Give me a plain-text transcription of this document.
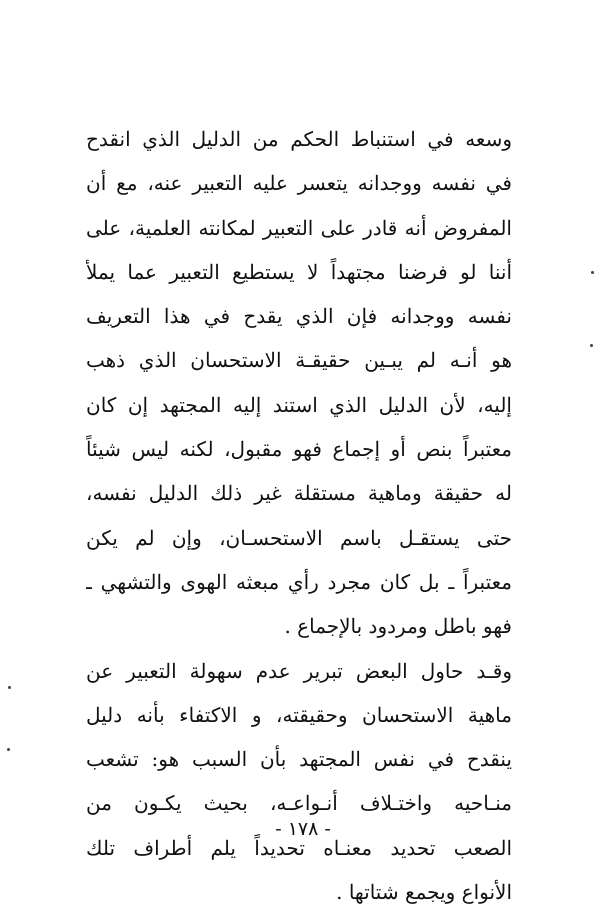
وسعه في استنباط الحكم من الدليل الذي انقدح
في نفسه ووجدانه يتعسر عليه التعبير عنه، مع أن
المفروض أنه قادر على التعبير لمكانته العلمية، على
أننا لو فرضنا مجتهداً لا يستطيع التعبير عما يملأ
نفسه ووجدانه فإن الذي يقدح في هذا التعريف
هو أنـه لم يبـين حقيقـة الاستحسان الذي ذهب
إليه، لأن الدليل الذي استند إليه المجتهد إن كان
معتبراً بنص أو إجماع فهو مقبول، لكنه ليس شيئاً
له حقيقة وماهية مستقلة غير ذلك الدليل نفسه،
حتى يستقـل باسم الاستحسـان، وإن لم يكن
معتبراً ـ بل كان مجرد رأي مبعثه الهوى والتشهي ـ
فهو باطل ومردود بالإجماع .
وقـد حاول البعض تبرير عدم سهولة التعبير عن
ماهية الاستحسان وحقيقته، و الاكتفاء بأنه دليل
ينقدح في نفس المجتهد بأن السبب هو: تشعب
منـاحيه واختـلاف أنـواعـه، بحيث يكـون من
الصعب تحديد معنـاه تحديداً يلم أطراف تلك
الأنواع ويجمع شتاتها .
- ١٧٨ -
